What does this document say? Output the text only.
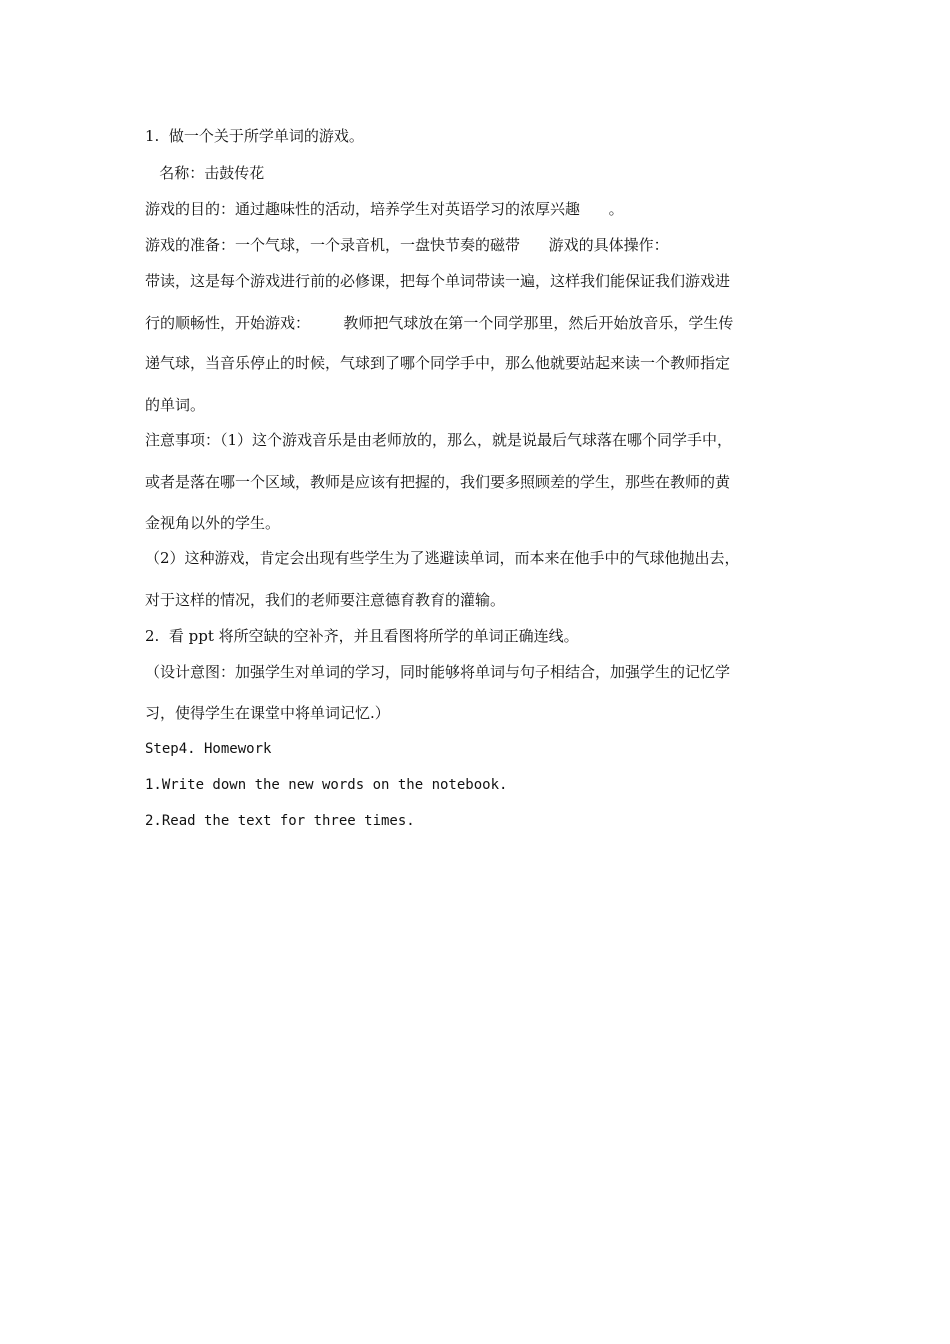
1.  做一个关于所学单词的游戏。
名称：击鼓传花
游戏的目的：通过趣味性的活动，培养学生对英语学习的浓厚兴趣      。
游戏的准备：一个气球，一个录音机，一盘快节奏的磁带      游戏的具体操作：
带读，这是每个游戏进行前的必修课，把每个单词带读一遍，这样我们能保证我们游戏进
行的顺畅性，开始游戏：       教师把气球放在第一个同学那里，然后开始放音乐，学生传
递气球，当音乐停止的时候，气球到了哪个同学手中，那么他就要站起来读一个教师指定
的单词。
注意事项：（1）这个游戏音乐是由老师放的，那么，就是说最后气球落在哪个同学手中，
或者是落在哪一个区域，教师是应该有把握的，我们要多照顾差的学生，那些在教师的黄
金视角以外的学生。
（2）这种游戏，肯定会出现有些学生为了逃避读单词，而本来在他手中的气球他抛出去，
对于这样的情况，我们的老师要注意德育教育的灌输。
2.  看 ppt 将所空缺的空补齐，并且看图将所学的单词正确连线。
（设计意图：加强学生对单词的学习，同时能够将单词与句子相结合，加强学生的记忆学
习，使得学生在课堂中将单词记忆.）
Step4. Homework
1.Write down the new words on the notebook.
2.Read the text for three times.
